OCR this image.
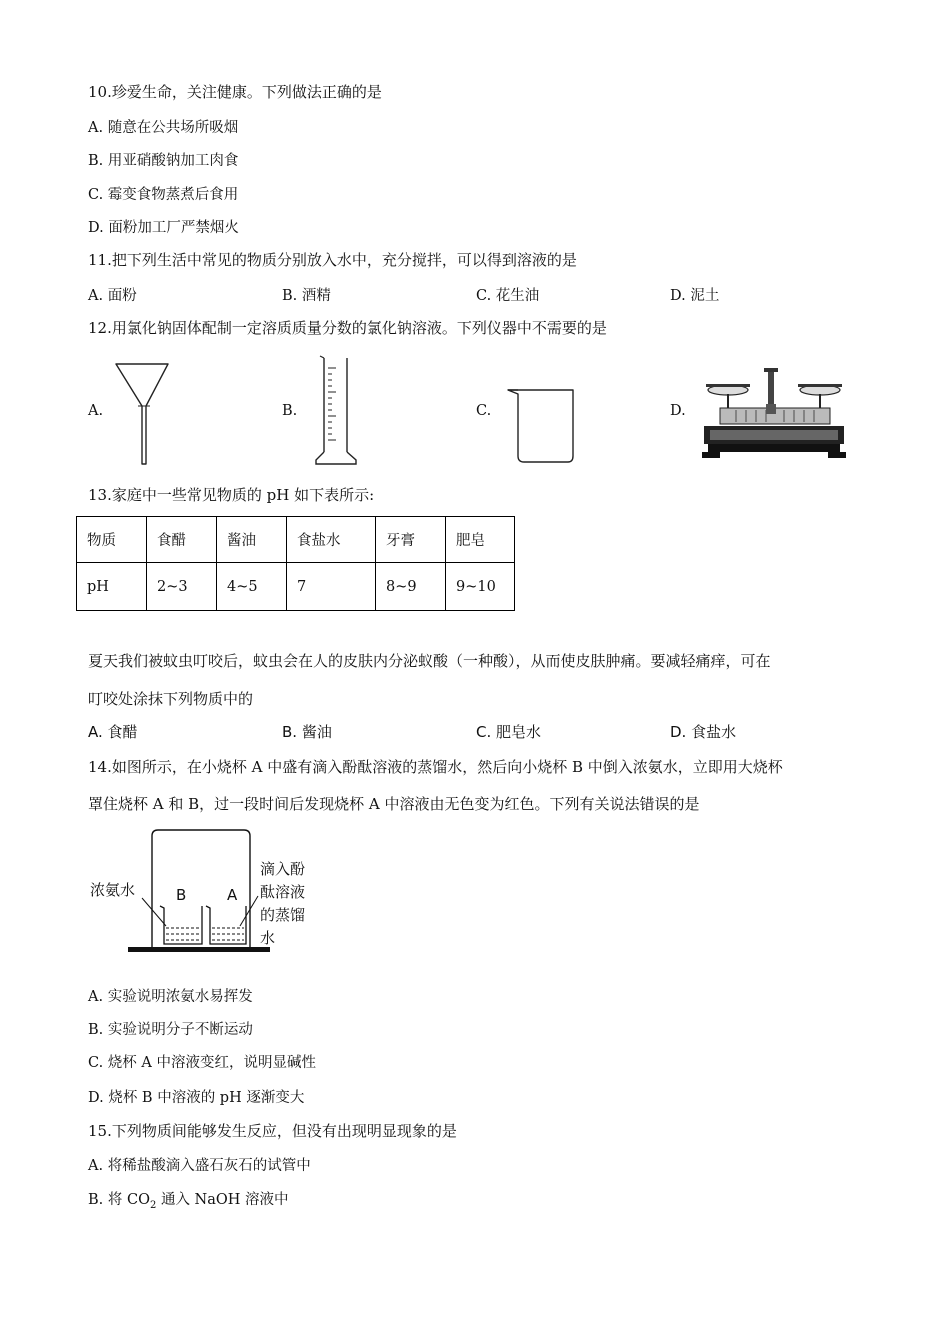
10.珍爱生命，关注健康。下列做法正确的是
A. 随意在公共场所吸烟
B. 用亚硝酸钠加工肉食
C. 霉变食物蒸煮后食用
D. 面粉加工厂严禁烟火
11.把下列生活中常见的物质分别放入水中，充分搅拌，可以得到溶液的是
A. 面粉	B. 酒精	C. 花生油	D. 泥土
12.用氯化钠固体配制一定溶质质量分数的氯化钠溶液。下列仪器中不需要的是
A.	B.	C.	D.
13.家庭中一些常见物质的 pH 如下表所示:
物质	食醋	酱油	食盐水	牙膏	肥皂
pH	2~3	4~5	7	8~9	9~10
夏天我们被蚊虫叮咬后，蚊虫会在人的皮肤内分泌蚁酸（一种酸），从而使皮肤肿痛。要减轻痛痒，可在
叮咬处涂抹下列物质中的
A. 食醋	B. 酱油	C. 肥皂水	D. 食盐水
14.如图所示，在小烧杯 A 中盛有滴入酚酞溶液的蒸馏水，然后向小烧杯 B 中倒入浓氨水，立即用大烧杯
罩住烧杯 A 和 B，过一段时间后发现烧杯 A 中溶液由无色变为红色。下列有关说法错误的是
浓氨水	B	A
滴入酚
酞溶液
的蒸馏
水
A. 实验说明浓氨水易挥发
B. 实验说明分子不断运动
C. 烧杯 A 中溶液变红，说明显碱性
D. 烧杯 B 中溶液的 pH 逐渐变大
15.下列物质间能够发生反应，但没有出现明显现象的是
A. 将稀盐酸滴入盛石灰石的试管中
B. 将 $CO_2$ 通入 NaOH 溶液中
